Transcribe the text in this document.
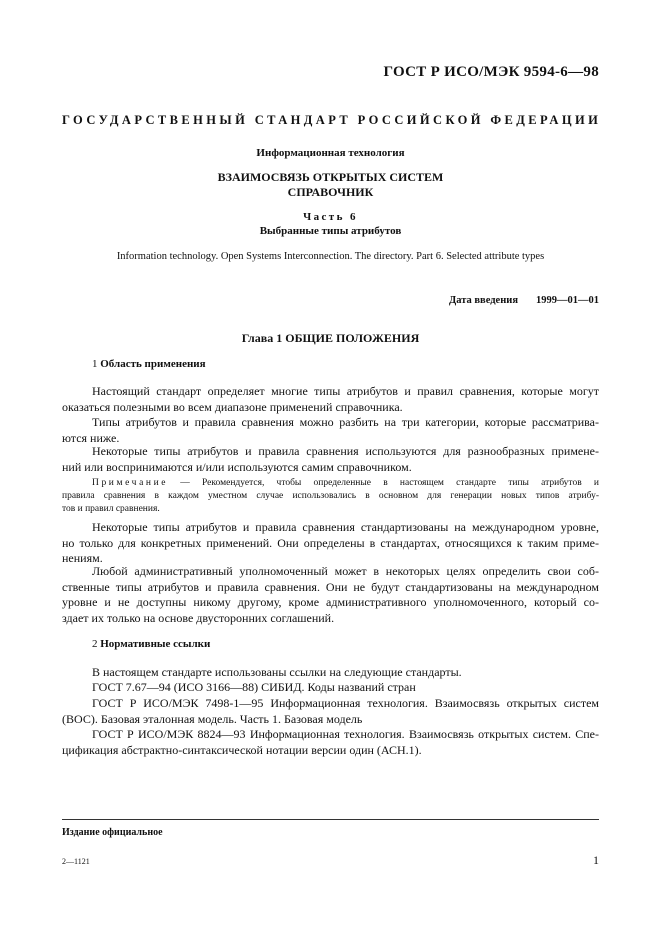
ГОСТ Р ИСО/МЭК 9594-6—98
ГОСУДАРСТВЕННЫЙ СТАНДАРТ РОССИЙСКОЙ ФЕДЕРАЦИИ
Информационная технология
ВЗАИМОСВЯЗЬ ОТКРЫТЫХ СИСТЕМ
СПРАВОЧНИК
Часть 6
Выбранные типы атрибутов
Information technology. Open Systems Interconnection. The directory. Part 6. Selected attribute types
Дата введения 1999—01—01
Глава 1 ОБЩИЕ ПОЛОЖЕНИЯ
1 Область применения
Настоящий стандарт определяет многие типы атрибутов и правил сравнения, которые могут
оказаться полезными во всем диапазоне применений справочника.
Типы атрибутов и правила сравнения можно разбить на три категории, которые рассматрива-
ются ниже.
Некоторые типы атрибутов и правила сравнения используются для разнообразных примене-
ний или воспринимаются и/или используются самим справочником.
Примечание — Рекомендуется, чтобы определенные в настоящем стандарте типы атрибутов и
правила сравнения в каждом уместном случае использовались в основном для генерации новых типов атрибу-
тов и правил сравнения.
Некоторые типы атрибутов и правила сравнения стандартизованы на международном уровне,
но только для конкретных применений. Они определены в стандартах, относящихся к таким приме-
нениям.
Любой административный уполномоченный может в некоторых целях определить свои соб-
ственные типы атрибутов и правила сравнения. Они не будут стандартизованы на международном
уровне и не доступны никому другому, кроме административного уполномоченного, который со-
здает их только на основе двусторонних соглашений.
2 Нормативные ссылки
В настоящем стандарте использованы ссылки на следующие стандарты.
ГОСТ 7.67—94 (ИСО 3166—88) СИБИД. Коды названий стран
ГОСТ Р ИСО/МЭК 7498-1—95 Информационная технология. Взаимосвязь открытых систем
(ВОС). Базовая эталонная модель. Часть 1. Базовая модель
ГОСТ Р ИСО/МЭК 8824—93 Информационная технология. Взаимосвязь открытых систем. Спе-
цификация абстрактно-синтаксической нотации версии один (АСН.1).
Издание официальное
2—1121	1
